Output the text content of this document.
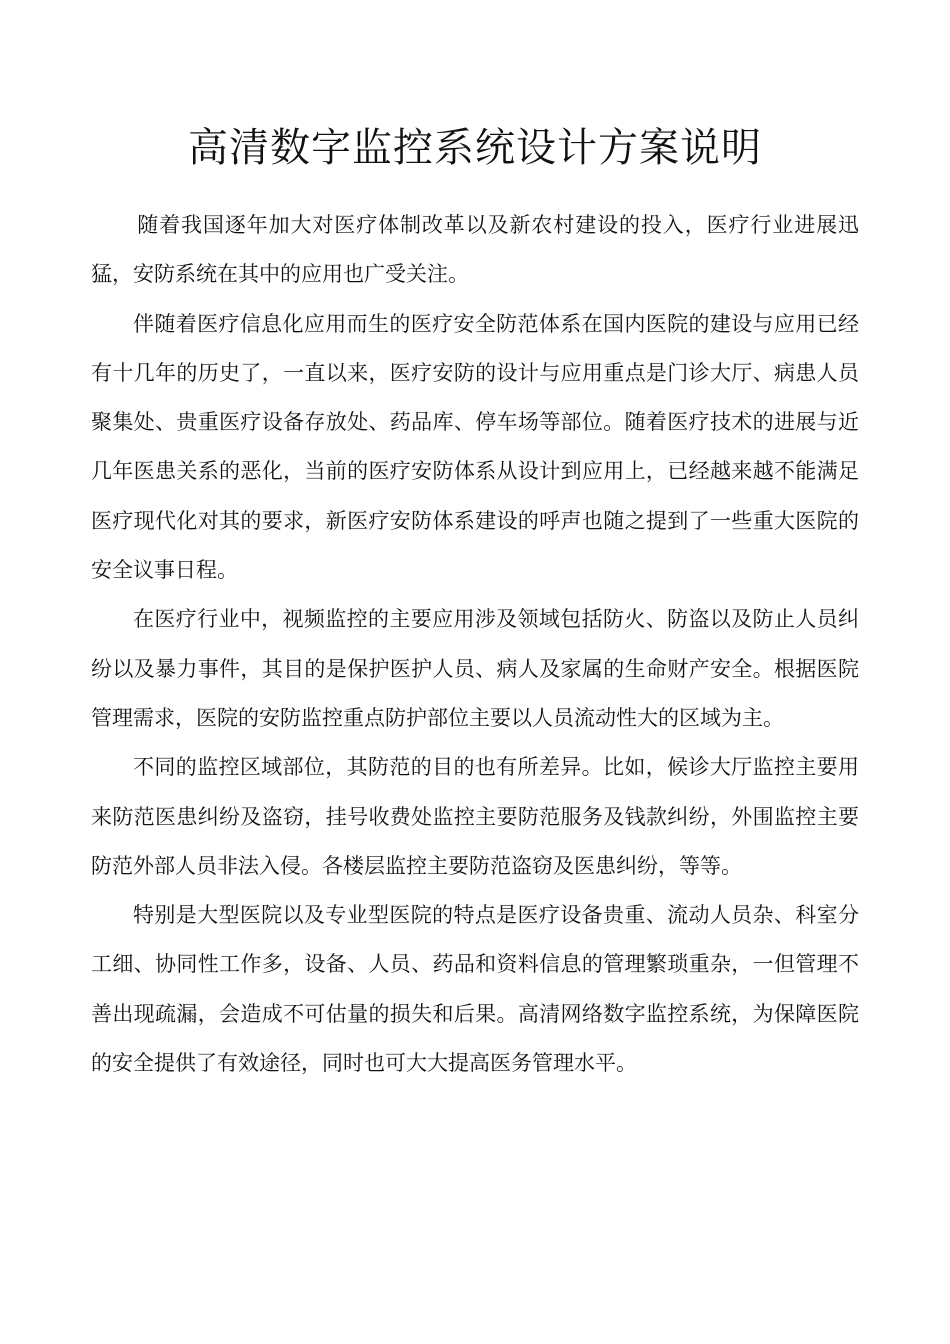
高清数字监控系统设计方案说明

随着我国逐年加大对医疗体制改革以及新农村建设的投入，医疗行业进展迅猛，安防系统在其中的应用也广受关注。

伴随着医疗信息化应用而生的医疗安全防范体系在国内医院的建设与应用已经有十几年的历史了，一直以来，医疗安防的设计与应用重点是门诊大厅、病患人员聚集处、贵重医疗设备存放处、药品库、停车场等部位。随着医疗技术的进展与近几年医患关系的恶化，当前的医疗安防体系从设计到应用上，已经越来越不能满足医疗现代化对其的要求，新医疗安防体系建设的呼声也随之提到了一些重大医院的安全议事日程。

在医疗行业中，视频监控的主要应用涉及领域包括防火、防盗以及防止人员纠纷以及暴力事件，其目的是保护医护人员、病人及家属的生命财产安全。根据医院管理需求，医院的安防监控重点防护部位主要以人员流动性大的区域为主。

不同的监控区域部位，其防范的目的也有所差异。比如，候诊大厅监控主要用来防范医患纠纷及盗窃，挂号收费处监控主要防范服务及钱款纠纷，外围监控主要防范外部人员非法入侵。各楼层监控主要防范盗窃及医患纠纷，等等。

特别是大型医院以及专业型医院的特点是医疗设备贵重、流动人员杂、科室分工细、协同性工作多，设备、人员、药品和资料信息的管理繁琐重杂，一但管理不善出现疏漏，会造成不可估量的损失和后果。高清网络数字监控系统，为保障医院的安全提供了有效途径，同时也可大大提高医务管理水平。
